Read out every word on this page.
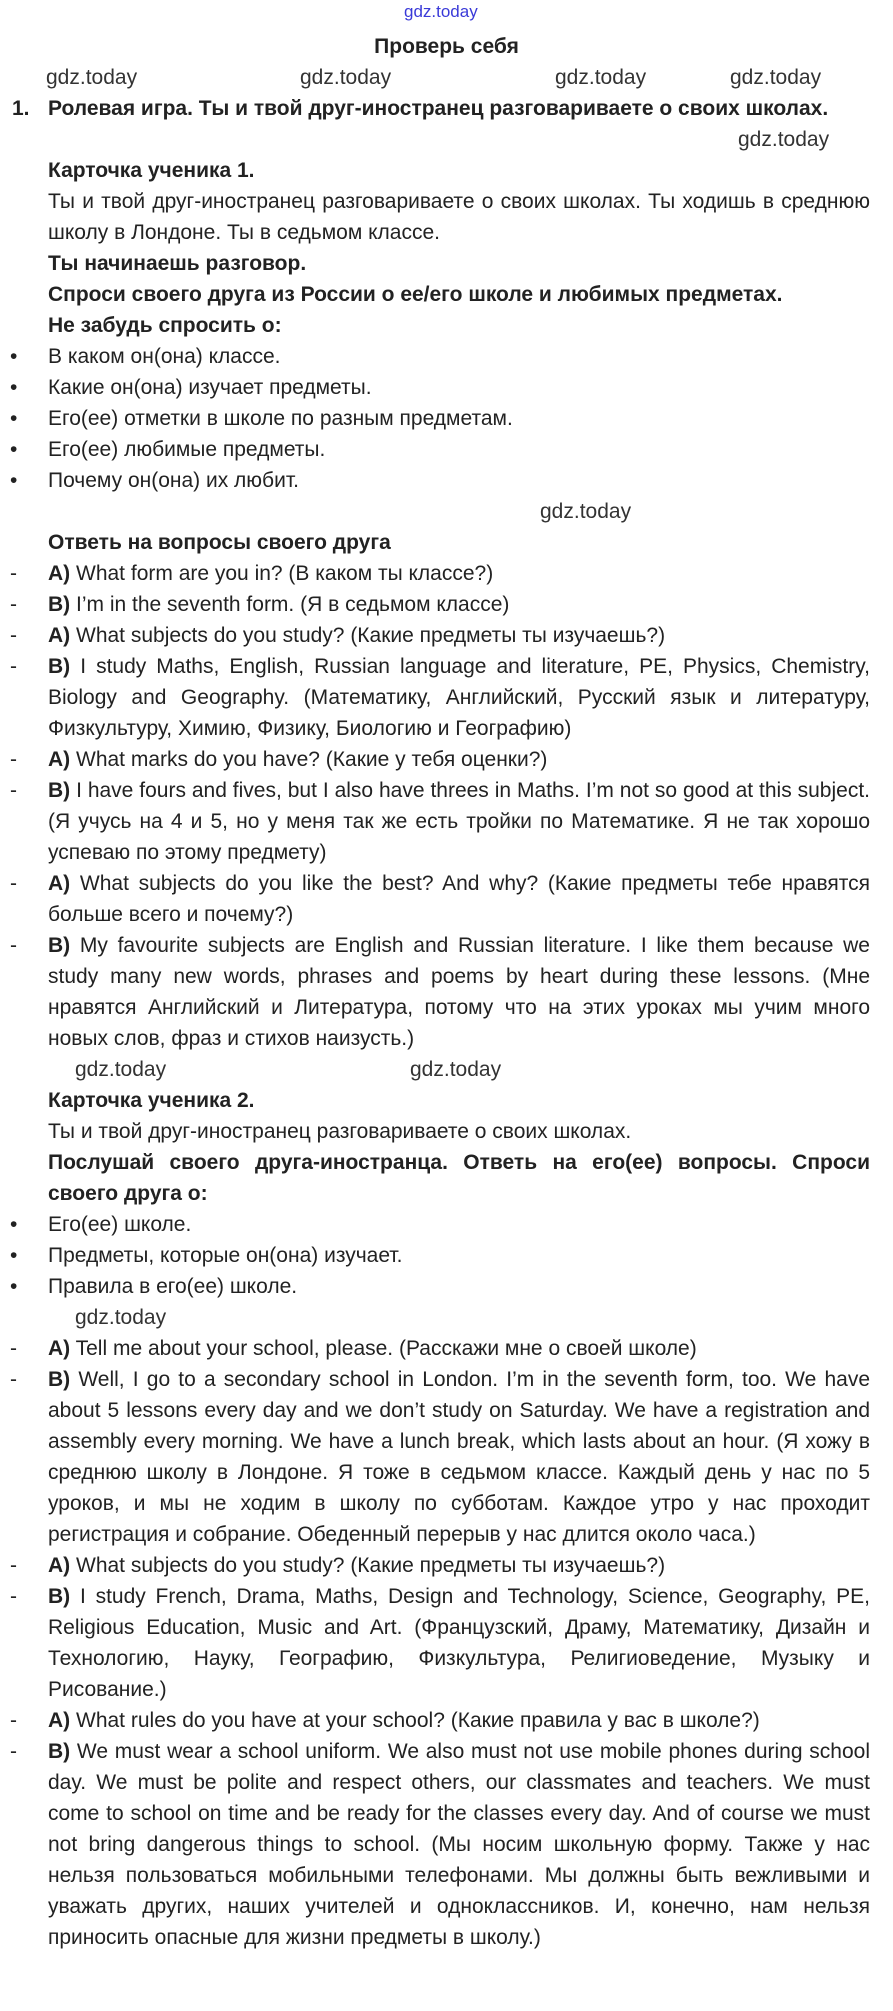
gdz.today
Проверь себя
gdz.today	gdz.today	gdz.today	gdz.today
1. Ролевая игра. Ты и твой друг-иностранец разговариваете о своих школах.
gdz.today
Карточка ученика 1.
Ты и твой друг-иностранец разговариваете о своих школах. Ты ходишь в среднюю школу в Лондоне. Ты в седьмом классе.
Ты начинаешь разговор.
Спроси своего друга из России о ее/его школе и любимых предметах.
Не забудь спросить о:
• В каком он(она) классе.
• Какие он(она) изучает предметы.
• Его(ее) отметки в школе по разным предметам.
• Его(ее) любимые предметы.
• Почему он(она) их любит.
gdz.today
Ответь на вопросы своего друга
- A) What form are you in? (В каком ты классе?)
- B) I’m in the seventh form. (Я в седьмом классе)
- A) What subjects do you study? (Какие предметы ты изучаешь?)
- B) I study Maths, English, Russian language and literature, PE, Physics, Chemistry, Biology and Geography. (Математику, Английский, Русский язык и литературу, Физкультуру, Химию, Физику, Биологию и Географию)
- A) What marks do you have? (Какие у тебя оценки?)
- B) I have fours and fives, but I also have threes in Maths. I’m not so good at this subject. (Я учусь на 4 и 5, но у меня так же есть тройки по Математике. Я не так хорошо успеваю по этому предмету)
- A) What subjects do you like the best? And why? (Какие предметы тебе нравятся больше всего и почему?)
- B) My favourite subjects are English and Russian literature. I like them because we study many new words, phrases and poems by heart during these lessons. (Мне нравятся Английский и Литература, потому что на этих уроках мы учим много новых слов, фраз и стихов наизусть.)
gdz.today	gdz.today
Карточка ученика 2.
Ты и твой друг-иностранец разговариваете о своих школах.
Послушай своего друга-иностранца. Ответь на его(ее) вопросы. Спроси своего друга о:
• Его(ее) школе.
• Предметы, которые он(она) изучает.
• Правила в его(ее) школе.
gdz.today
- A) Tell me about your school, please. (Расскажи мне о своей школе)
- B) Well, I go to a secondary school in London. I’m in the seventh form, too. We have about 5 lessons every day and we don’t study on Saturday. We have a registration and assembly every morning. We have a lunch break, which lasts about an hour. (Я хожу в среднюю школу в Лондоне. Я тоже в седьмом классе. Каждый день у нас по 5 уроков, и мы не ходим в школу по субботам. Каждое утро у нас проходит регистрация и собрание. Обеденный перерыв у нас длится около часа.)
- A) What subjects do you study? (Какие предметы ты изучаешь?)
- B) I study French, Drama, Maths, Design and Technology, Science, Geography, PE, Religious Education, Music and Art. (Французский, Драму, Математику, Дизайн и Технологию, Науку, Географию, Физкультура, Религиоведение, Музыку и Рисование.)
- A) What rules do you have at your school? (Какие правила у вас в школе?)
- B) We must wear a school uniform. We also must not use mobile phones during school day. We must be polite and respect others, our classmates and teachers. We must come to school on time and be ready for the classes every day. And of course we must not bring dangerous things to school. (Мы носим школьную форму. Также у нас нельзя пользоваться мобильными телефонами. Мы должны быть вежливыми и уважать других, наших учителей и одноклассников. И, конечно, нам нельзя приносить опасные для жизни предметы в школу.)
